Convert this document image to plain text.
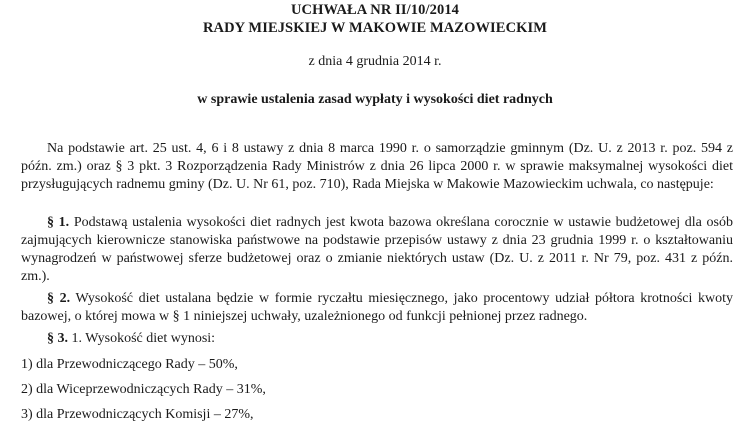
UCHWAŁA NR II/10/2014

RADY MIEJSKIEJ W MAKOWIE MAZOWIECKIM

z dnia 4 grudnia 2014 r.

w sprawie ustalenia zasad wypłaty i wysokości diet radnych

Na podstawie art. 25 ust. 4, 6 i 8 ustawy z dnia 8 marca 1990 r. o samorządzie gminnym (Dz. U. z 2013 r. poz. 594 z późn. zm.) oraz § 3 pkt. 3 Rozporządzenia Rady Ministrów z dnia 26 lipca 2000 r. w sprawie maksymalnej wysokości diet przysługujących radnemu gminy (Dz. U. Nr 61, poz. 710), Rada Miejska w Makowie Mazowieckim uchwala, co następuje:

§ 1. Podstawą ustalenia wysokości diet radnych jest kwota bazowa określana corocznie w ustawie budżetowej dla osób zajmujących kierownicze stanowiska państwowe na podstawie przepisów ustawy z dnia 23 grudnia 1999 r. o kształtowaniu wynagrodzeń w państwowej sferze budżetowej oraz o zmianie niektórych ustaw (Dz. U. z 2011 r. Nr 79, poz. 431 z późn. zm.).

§ 2. Wysokość diet ustalana będzie w formie ryczałtu miesięcznego, jako procentowy udział półtora krotności kwoty bazowej, o której mowa w § 1 niniejszej uchwały, uzależnionego od funkcji pełnionej przez radnego.

§ 3. 1. Wysokość diet wynosi:

1) dla Przewodniczącego Rady – 50%,

2) dla Wiceprzewodniczących Rady – 31%,

3) dla Przewodniczących Komisji – 27%,
